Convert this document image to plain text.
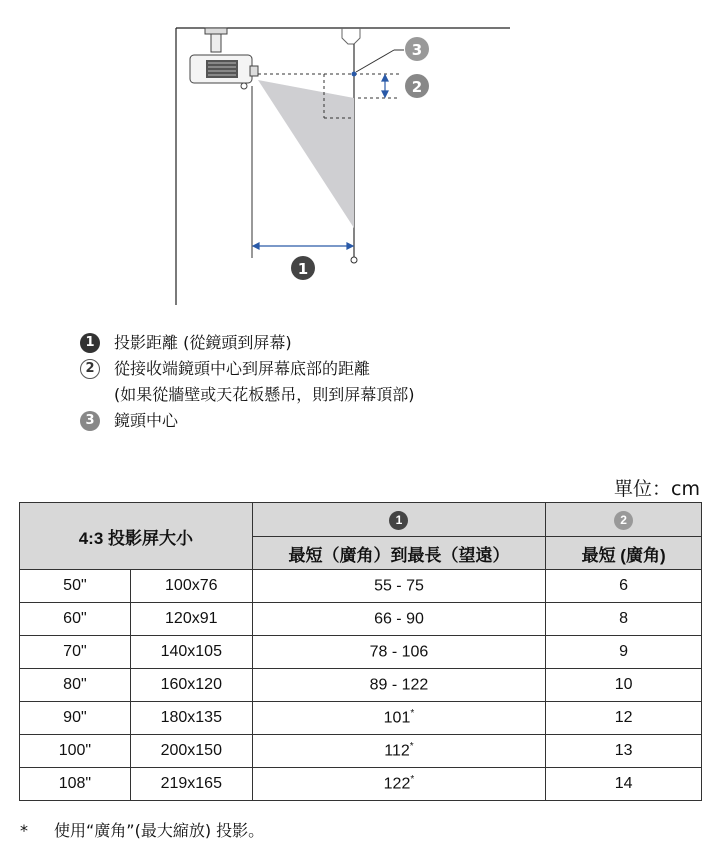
3
2
1
1	投影距離 (從鏡頭到屏幕)
2	從接收端鏡頭中心到屏幕底部的距離
(如果從牆壁或天花板懸吊，則到屏幕頂部)
3	鏡頭中心
單位：cm
4:3 投影屏大小		1	2
		最短（廣角）到最長（望遠）	最短 (廣角)
50"	100x76	55 - 75	6
60"	120x91	66 - 90	8
70"	140x105	78 - 106	9
80"	160x120	89 - 122	10
90"	180x135	101*	12
100"	200x150	112*	13
108"	219x165	122*	14
* 使用“廣角”(最大縮放) 投影。
